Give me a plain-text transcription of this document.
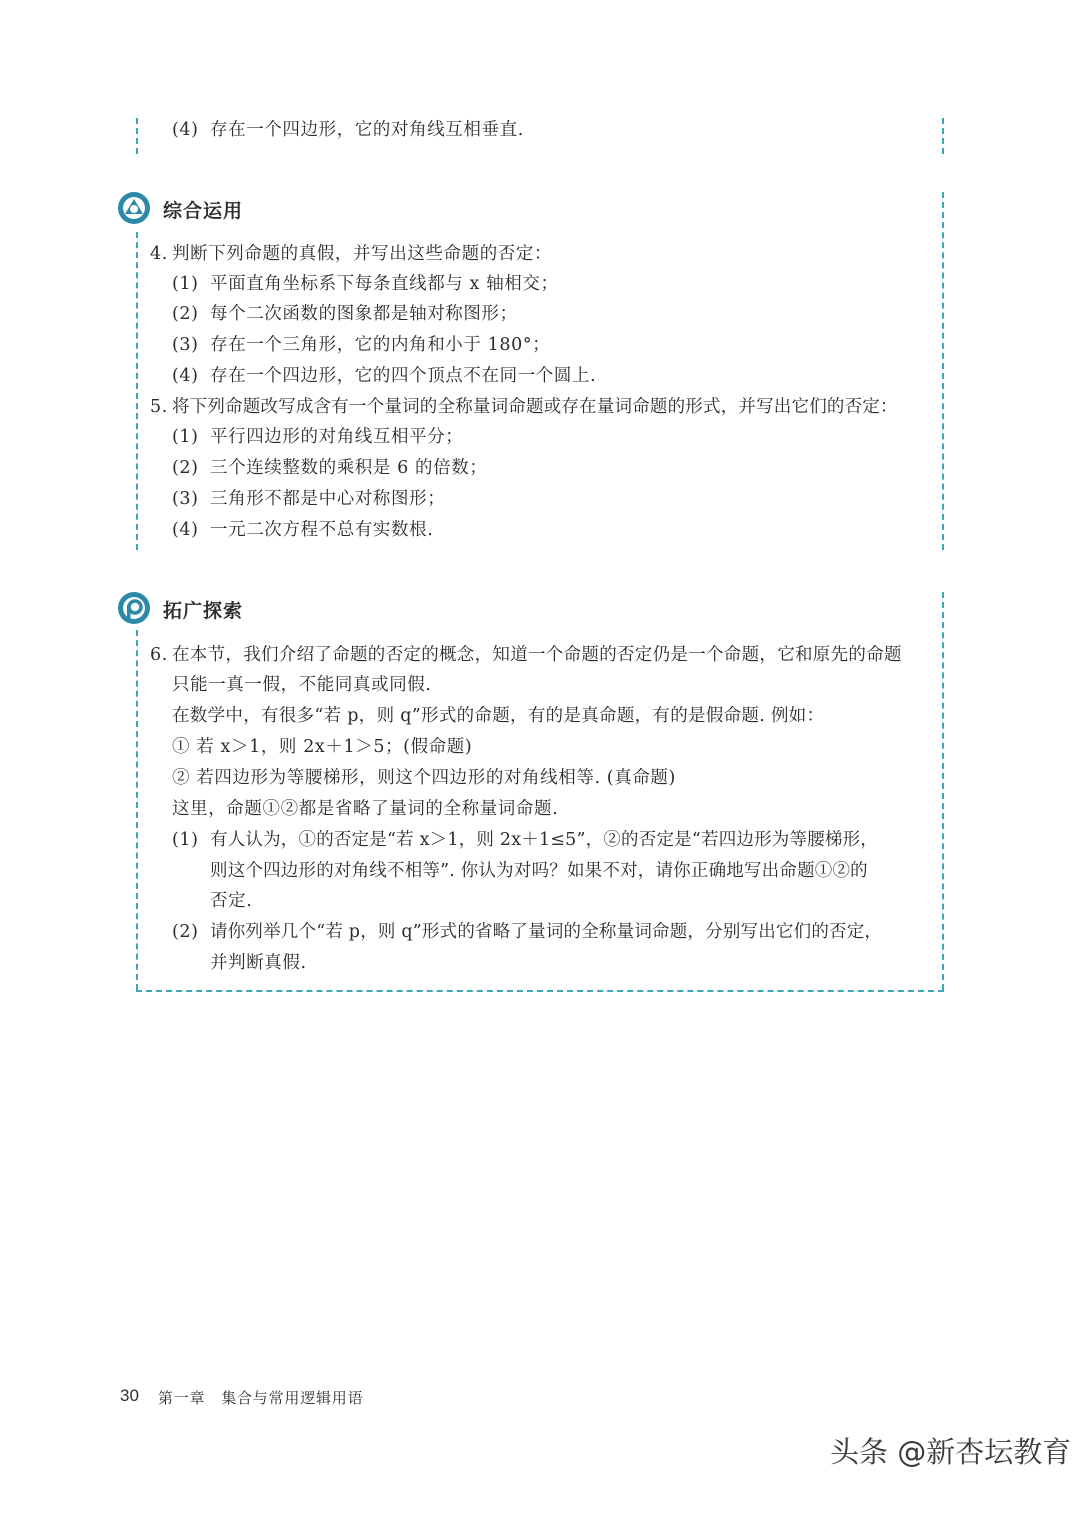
(4) 存在一个四边形，它的对角线互相垂直.
综合运用
4. 判断下列命题的真假，并写出这些命题的否定：
(1) 平面直角坐标系下每条直线都与 x 轴相交；
(2) 每个二次函数的图象都是轴对称图形；
(3) 存在一个三角形，它的内角和小于 180°；
(4) 存在一个四边形，它的四个顶点不在同一个圆上.
5. 将下列命题改写成含有一个量词的全称量词命题或存在量词命题的形式，并写出它们的否定：
(1) 平行四边形的对角线互相平分；
(2) 三个连续整数的乘积是 6 的倍数；
(3) 三角形不都是中心对称图形；
(4) 一元二次方程不总有实数根.
拓广探索
6. 在本节，我们介绍了命题的否定的概念，知道一个命题的否定仍是一个命题，它和原先的命题
只能一真一假，不能同真或同假.
在数学中，有很多“若 p，则 q”形式的命题，有的是真命题，有的是假命题. 例如：
① 若 x＞1，则 2x＋1＞5；(假命题)
② 若四边形为等腰梯形，则这个四边形的对角线相等. (真命题)
这里，命题①②都是省略了量词的全称量词命题.
(1) 有人认为，①的否定是“若 x＞1，则 2x＋1≤5”，②的否定是“若四边形为等腰梯形，
则这个四边形的对角线不相等”. 你认为对吗？如果不对，请你正确地写出命题①②的
否定.
(2) 请你列举几个“若 p，则 q”形式的省略了量词的全称量词命题，分别写出它们的否定，
并判断真假.
30 第一章　集合与常用逻辑用语
头条 @新杏坛教育
